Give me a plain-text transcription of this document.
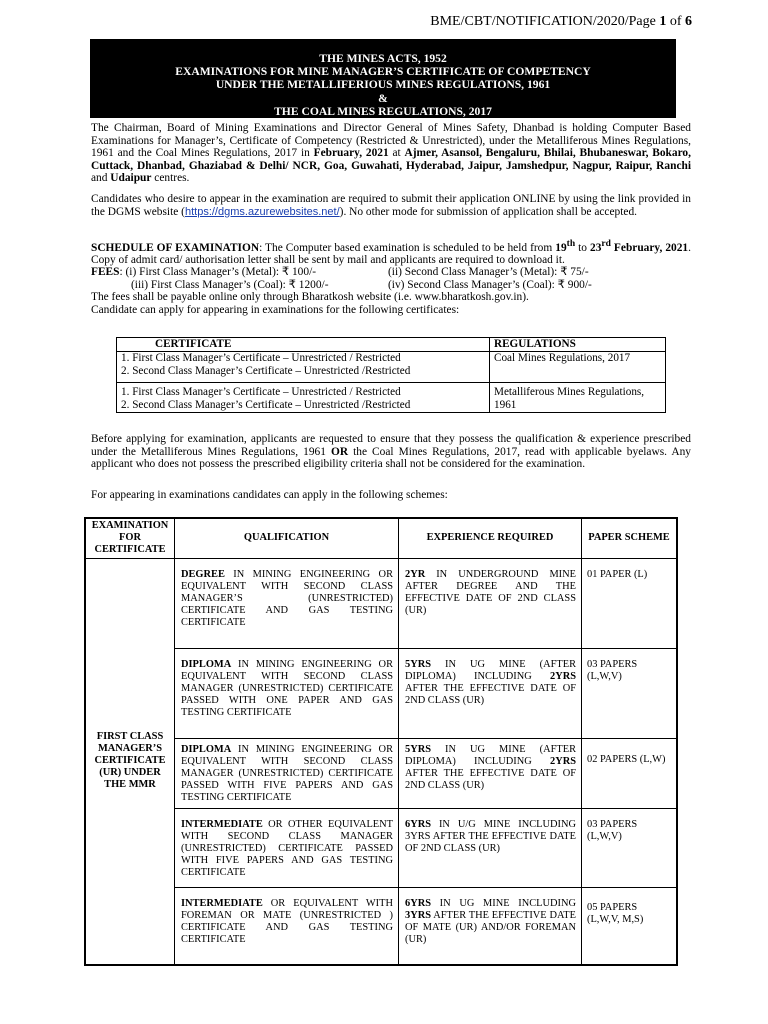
BME/CBT/NOTIFICATION/2020/Page 1 of 6
THE MINES ACTS, 1952
EXAMINATIONS FOR MINE MANAGER’S CERTIFICATE OF COMPETENCY
UNDER THE METALLIFERIOUS MINES REGULATIONS, 1961
&
THE COAL MINES REGULATIONS, 2017
The Chairman, Board of Mining Examinations and Director General of Mines Safety, Dhanbad is holding Computer Based Examinations for Manager’s, Certificate of Competency (Restricted & Unrestricted), under the Metalliferous Mines Regulations, 1961 and the Coal Mines Regulations, 2017 in February, 2021 at Ajmer, Asansol, Bengaluru, Bhilai, Bhubaneswar, Bokaro, Cuttack, Dhanbad, Ghaziabad & Delhi/ NCR, Goa, Guwahati, Hyderabad, Jaipur, Jamshedpur, Nagpur, Raipur, Ranchi and Udaipur centres.
Candidates who desire to appear in the examination are required to submit their application ONLINE by using the link provided in the DGMS website (https://dgms.azurewebsites.net/). No other mode for submission of application shall be accepted.
SCHEDULE OF EXAMINATION: The Computer based examination is scheduled to be held from 19th to 23rd February, 2021. Copy of admit card/ authorisation letter shall be sent by mail and applicants are required to download it.
FEES: (i) First Class Manager’s (Metal): ₹ 100/-	(ii) Second Class Manager’s (Metal): ₹ 75/-
(iii) First Class Manager’s (Coal): ₹ 1200/-	(iv) Second Class Manager’s (Coal): ₹ 900/-
The fees shall be payable online only through Bharatkosh website (i.e. www.bharatkosh.gov.in).
Candidate can apply for appearing in examinations for the following certificates:
CERTIFICATE	REGULATIONS

1. First Class Manager’s Certificate – Unrestricted / Restricted
2. Second Class Manager’s Certificate – Unrestricted /Restricted	Coal Mines Regulations, 2017

1. First Class Manager’s Certificate – Unrestricted / Restricted
2. Second Class Manager’s Certificate – Unrestricted /Restricted	Metalliferous Mines Regulations, 1961
Before applying for examination, applicants are requested to ensure that they possess the qualification & experience prescribed under the Metalliferous Mines Regulations, 1961 OR the Coal Mines Regulations, 2017, read with applicable byelaws. Any applicant who does not possess the prescribed eligibility criteria shall not be considered for the examination.
For appearing in examinations candidates can apply in the following schemes:
EXAMINATION FOR CERTIFICATE	QUALIFICATION	EXPERIENCE REQUIRED	PAPER SCHEME
FIRST CLASS MANAGER’S CERTIFICATE (UR) UNDER THE MMR	DEGREE IN MINING ENGINEERING OR EQUIVALENT WITH SECOND CLASS MANAGER’S (UNRESTRICTED) CERTIFICATE AND GAS TESTING CERTIFICATE	2YR IN UNDERGROUND MINE AFTER DEGREE AND THE EFFECTIVE DATE OF 2ND CLASS (UR)	01 PAPER (L)
	DIPLOMA IN MINING ENGINEERING OR EQUIVALENT WITH SECOND CLASS MANAGER (UNRESTRICTED) CERTIFICATE PASSED WITH ONE PAPER AND GAS TESTING CERTIFICATE	5YRS IN UG MINE (AFTER DIPLOMA) INCLUDING 2YRS AFTER THE EFFECTIVE DATE OF 2ND CLASS (UR)	03 PAPERS (L,W,V)
	DIPLOMA IN MINING ENGINEERING OR EQUIVALENT WITH SECOND CLASS MANAGER (UNRESTRICTED) CERTIFICATE PASSED WITH FIVE PAPERS AND GAS TESTING CERTIFICATE	5YRS IN UG MINE (AFTER DIPLOMA) INCLUDING 2YRS AFTER THE EFFECTIVE DATE OF 2ND CLASS (UR)	02 PAPERS (L,W)
	INTERMEDIATE OR OTHER EQUIVALENT WITH SECOND CLASS MANAGER (UNRESTRICTED) CERTIFICATE PASSED WITH FIVE PAPERS AND GAS TESTING CERTIFICATE	6YRS IN U/G MINE INCLUDING 3YRS AFTER THE EFFECTIVE DATE OF 2ND CLASS (UR)	03 PAPERS (L,W,V)
	INTERMEDIATE OR EQUIVALENT WITH FOREMAN OR MATE (UNRESTRICTED ) CERTIFICATE AND GAS TESTING CERTIFICATE	6YRS IN UG MINE INCLUDING 3YRS AFTER THE EFFECTIVE DATE OF MATE (UR) AND/OR FOREMAN (UR)	05 PAPERS (L,W,V, M,S)
